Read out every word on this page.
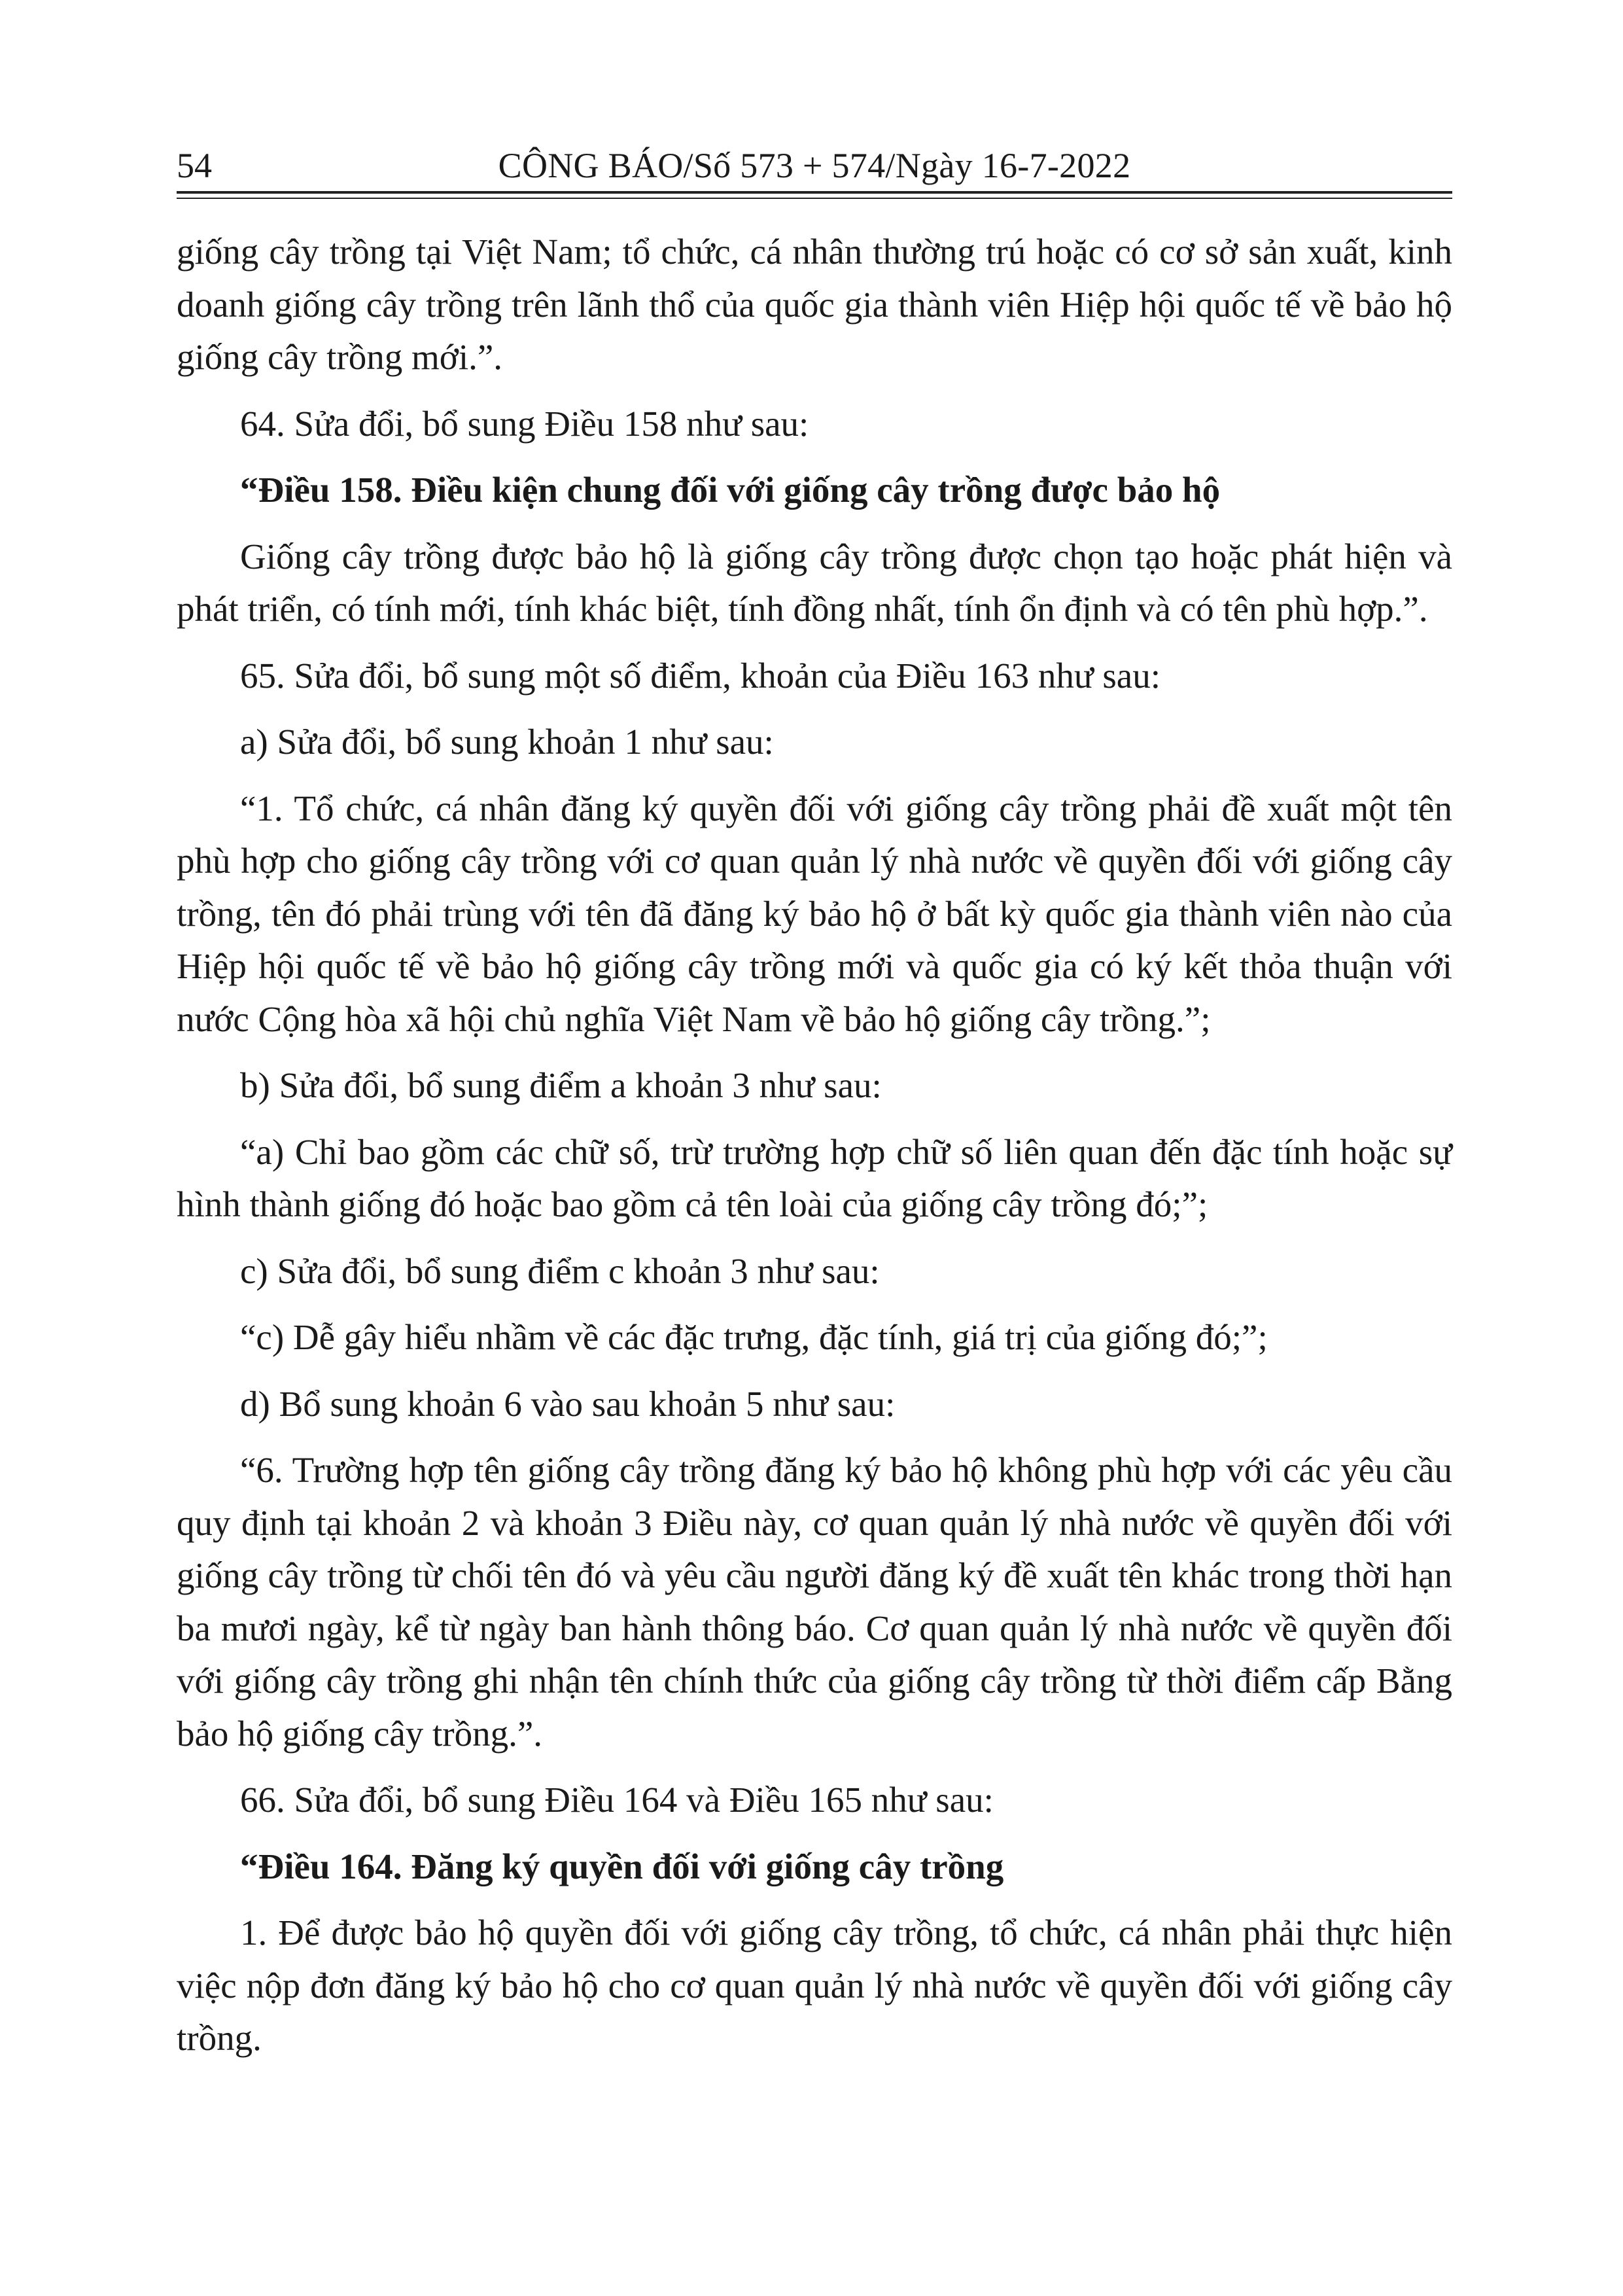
54	CÔNG BÁO/Số 573 + 574/Ngày 16-7-2022

giống cây trồng tại Việt Nam; tổ chức, cá nhân thường trú hoặc có cơ sở sản xuất, kinh doanh giống cây trồng trên lãnh thổ của quốc gia thành viên Hiệp hội quốc tế về bảo hộ giống cây trồng mới.”.

64. Sửa đổi, bổ sung Điều 158 như sau:

“Điều 158. Điều kiện chung đối với giống cây trồng được bảo hộ

Giống cây trồng được bảo hộ là giống cây trồng được chọn tạo hoặc phát hiện và phát triển, có tính mới, tính khác biệt, tính đồng nhất, tính ổn định và có tên phù hợp.”.

65. Sửa đổi, bổ sung một số điểm, khoản của Điều 163 như sau:

a) Sửa đổi, bổ sung khoản 1 như sau:

“1. Tổ chức, cá nhân đăng ký quyền đối với giống cây trồng phải đề xuất một tên phù hợp cho giống cây trồng với cơ quan quản lý nhà nước về quyền đối với giống cây trồng, tên đó phải trùng với tên đã đăng ký bảo hộ ở bất kỳ quốc gia thành viên nào của Hiệp hội quốc tế về bảo hộ giống cây trồng mới và quốc gia có ký kết thỏa thuận với nước Cộng hòa xã hội chủ nghĩa Việt Nam về bảo hộ giống cây trồng.”;

b) Sửa đổi, bổ sung điểm a khoản 3 như sau:

“a) Chỉ bao gồm các chữ số, trừ trường hợp chữ số liên quan đến đặc tính hoặc sự hình thành giống đó hoặc bao gồm cả tên loài của giống cây trồng đó;”;

c) Sửa đổi, bổ sung điểm c khoản 3 như sau:

“c) Dễ gây hiểu nhầm về các đặc trưng, đặc tính, giá trị của giống đó;”;

d) Bổ sung khoản 6 vào sau khoản 5 như sau:

“6. Trường hợp tên giống cây trồng đăng ký bảo hộ không phù hợp với các yêu cầu quy định tại khoản 2 và khoản 3 Điều này, cơ quan quản lý nhà nước về quyền đối với giống cây trồng từ chối tên đó và yêu cầu người đăng ký đề xuất tên khác trong thời hạn ba mươi ngày, kể từ ngày ban hành thông báo. Cơ quan quản lý nhà nước về quyền đối với giống cây trồng ghi nhận tên chính thức của giống cây trồng từ thời điểm cấp Bằng bảo hộ giống cây trồng.”.

66. Sửa đổi, bổ sung Điều 164 và Điều 165 như sau:

“Điều 164. Đăng ký quyền đối với giống cây trồng

1. Để được bảo hộ quyền đối với giống cây trồng, tổ chức, cá nhân phải thực hiện việc nộp đơn đăng ký bảo hộ cho cơ quan quản lý nhà nước về quyền đối với giống cây trồng.
